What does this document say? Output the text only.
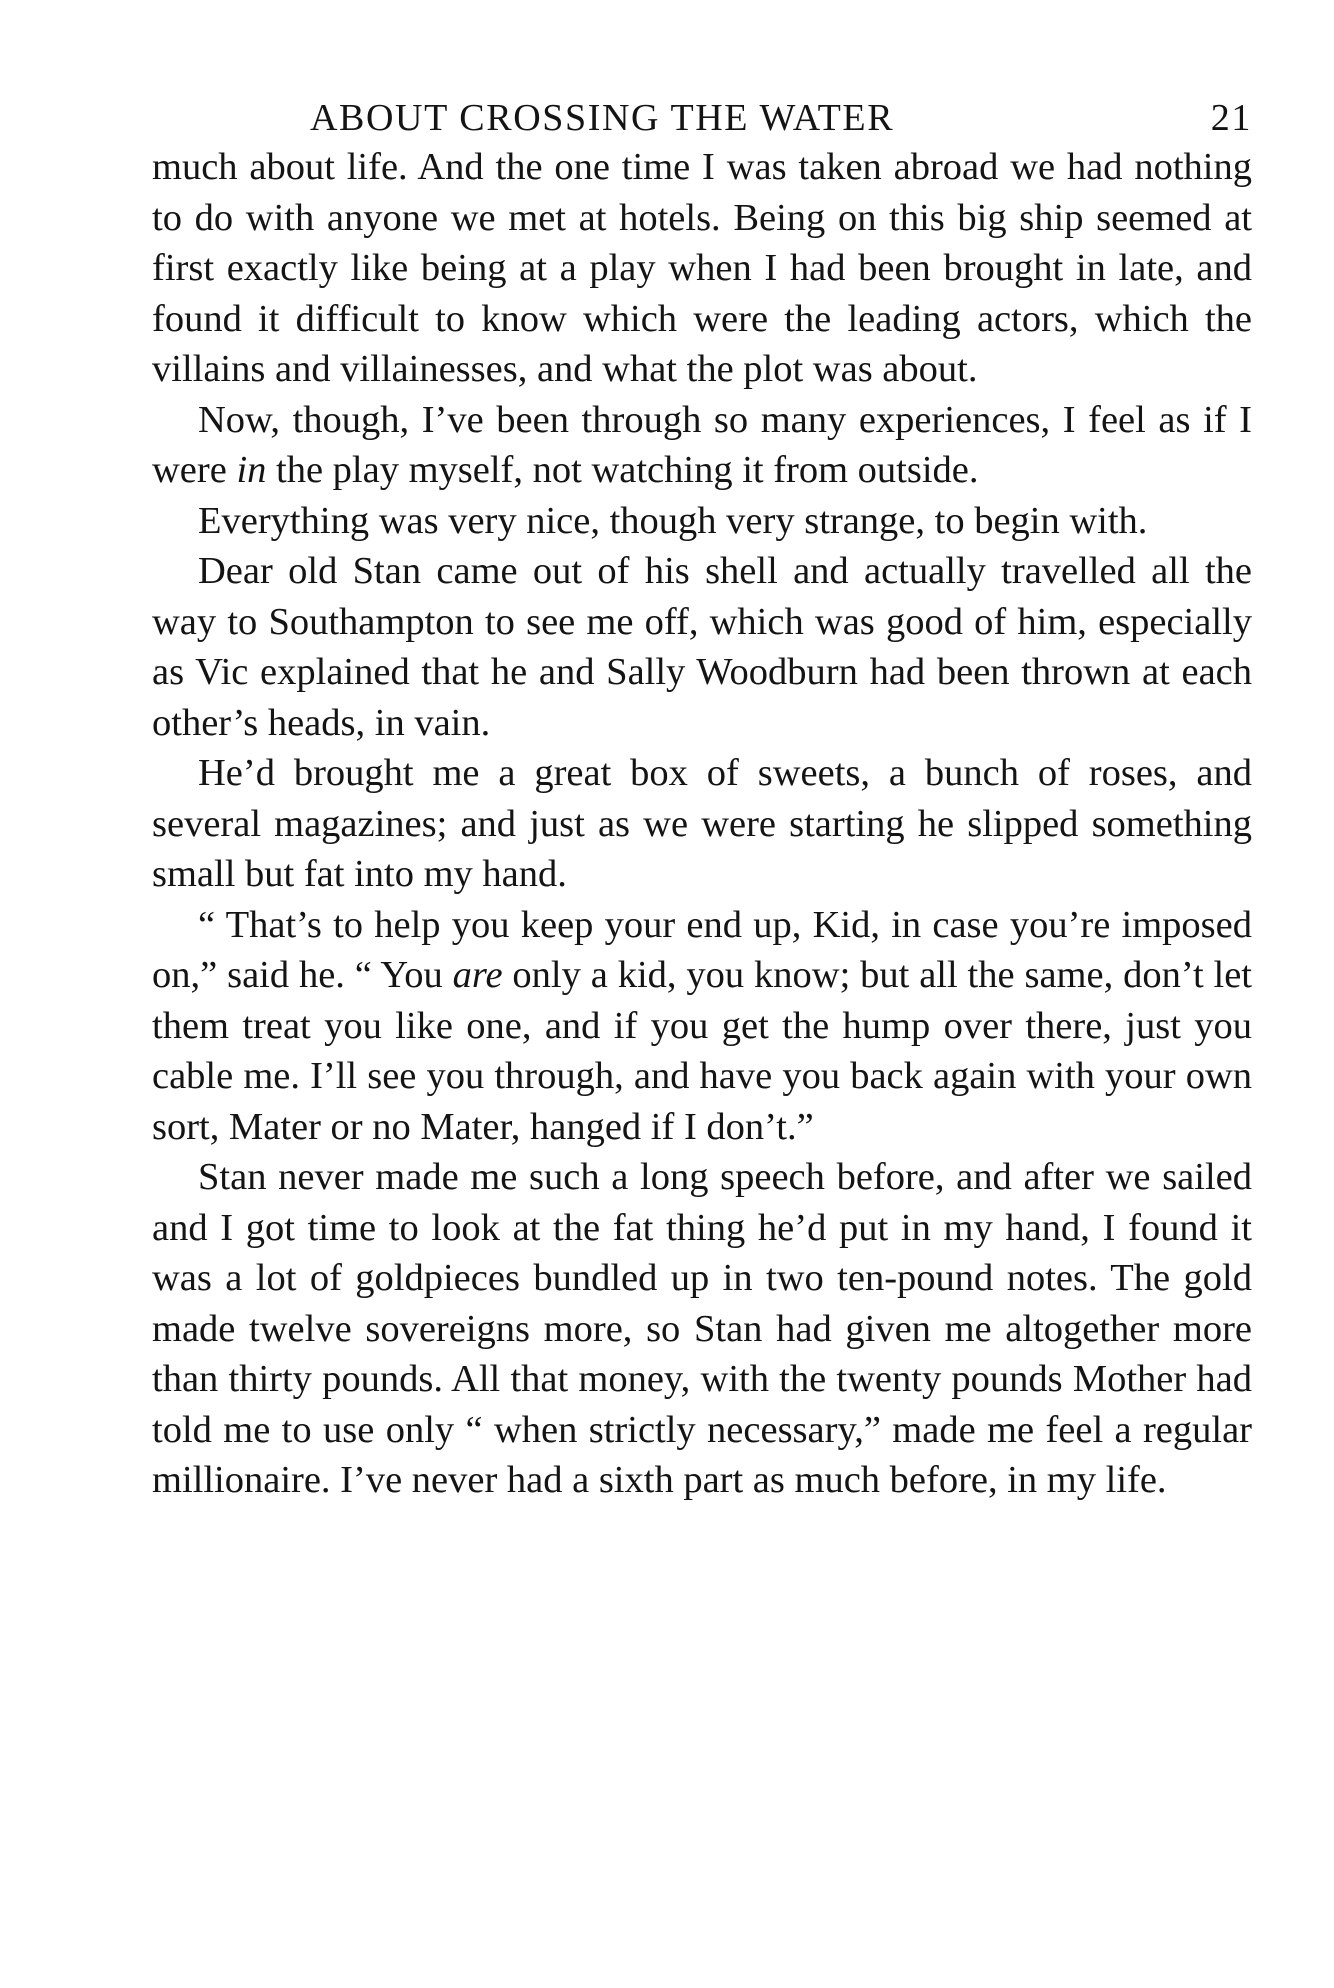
ABOUT CROSSING THE WATER	21

much about life. And the one time I was taken abroad we had nothing to do with anyone we met at hotels. Being on this big ship seemed at first exactly like being at a play when I had been brought in late, and found it difficult to know which were the leading actors, which the villains and villainesses, and what the plot was about.

Now, though, I’ve been through so many experiences, I feel as if I were in the play myself, not watching it from outside.

Everything was very nice, though very strange, to begin with.

Dear old Stan came out of his shell and actually travelled all the way to Southampton to see me off, which was good of him, especially as Vic explained that he and Sally Woodburn had been thrown at each other’s heads, in vain.

He’d brought me a great box of sweets, a bunch of roses, and several magazines; and just as we were starting he slipped something small but fat into my hand.

“ That’s to help you keep your end up, Kid, in case you’re imposed on,” said he. “ You are only a kid, you know; but all the same, don’t let them treat you like one, and if you get the hump over there, just you cable me. I’ll see you through, and have you back again with your own sort, Mater or no Mater, hanged if I don’t.”

Stan never made me such a long speech before, and after we sailed and I got time to look at the fat thing he’d put in my hand, I found it was a lot of goldpieces bundled up in two ten-pound notes. The gold made twelve sovereigns more, so Stan had given me altogether more than thirty pounds. All that money, with the twenty pounds Mother had told me to use only “ when strictly necessary,” made me feel a regular millionaire. I’ve never had a sixth part as much before, in my life.
